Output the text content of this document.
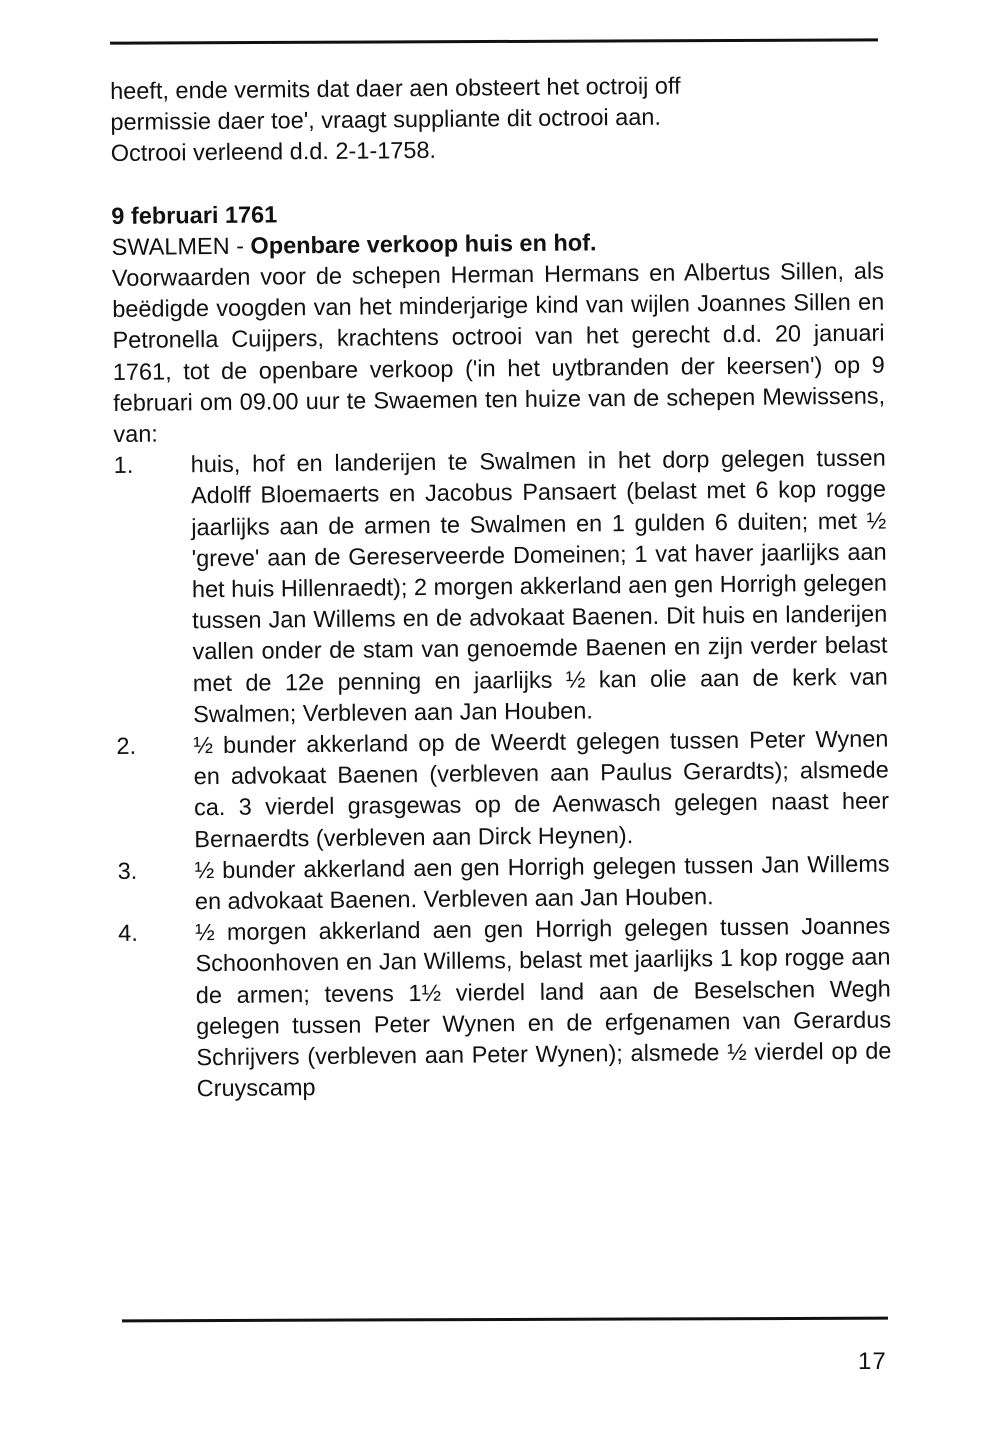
heeft, ende vermits dat daer aen obsteert het octroij off
permissie daer toe', vraagt suppliante dit octrooi aan.
Octrooi verleend d.d. 2-1-1758.
9 februari 1761
SWALMEN - Openbare verkoop huis en hof.
Voorwaarden voor de schepen Herman Hermans en Albertus Sillen, als beëdigde voogden van het minderjarige kind van wijlen Joannes Sillen en Petronella Cuijpers, krachtens octrooi van het gerecht d.d. 20 januari 1761, tot de openbare verkoop ('in het uytbranden der keersen') op 9 februari om 09.00 uur te Swaemen ten huize van de schepen Mewissens, van:
1.	huis, hof en landerijen te Swalmen in het dorp gelegen tussen Adolff Bloemaerts en Jacobus Pansaert (belast met 6 kop rogge jaarlijks aan de armen te Swalmen en 1 gulden 6 duiten; met ½ 'greve' aan de Gereserveerde Domeinen; 1 vat haver jaarlijks aan het huis Hillenraedt); 2 morgen akkerland aen gen Horrigh gelegen tussen Jan Willems en de advokaat Baenen. Dit huis en landerijen vallen onder de stam van genoemde Baenen en zijn verder belast met de 12e penning en jaarlijks ½ kan olie aan de kerk van Swalmen; Verbleven aan Jan Houben.
2.	½ bunder akkerland op de Weerdt gelegen tussen Peter Wynen en advokaat Baenen (verbleven aan Paulus Gerardts); alsmede ca. 3 vierdel grasgewas op de Aenwasch gelegen naast heer Bernaerdts (verbleven aan Dirck Heynen).
3.	½ bunder akkerland aen gen Horrigh gelegen tussen Jan Willems en advokaat Baenen. Verbleven aan Jan Houben.
4.	½ morgen akkerland aen gen Horrigh gelegen tussen Joannes Schoonhoven en Jan Willems, belast met jaarlijks 1 kop rogge aan de armen; tevens 1½ vierdel land aan de Beselschen Wegh gelegen tussen Peter Wynen en de erfgenamen van Gerardus Schrijvers (verbleven aan Peter Wynen); alsmede ½ vierdel op de Cruyscamp
17
